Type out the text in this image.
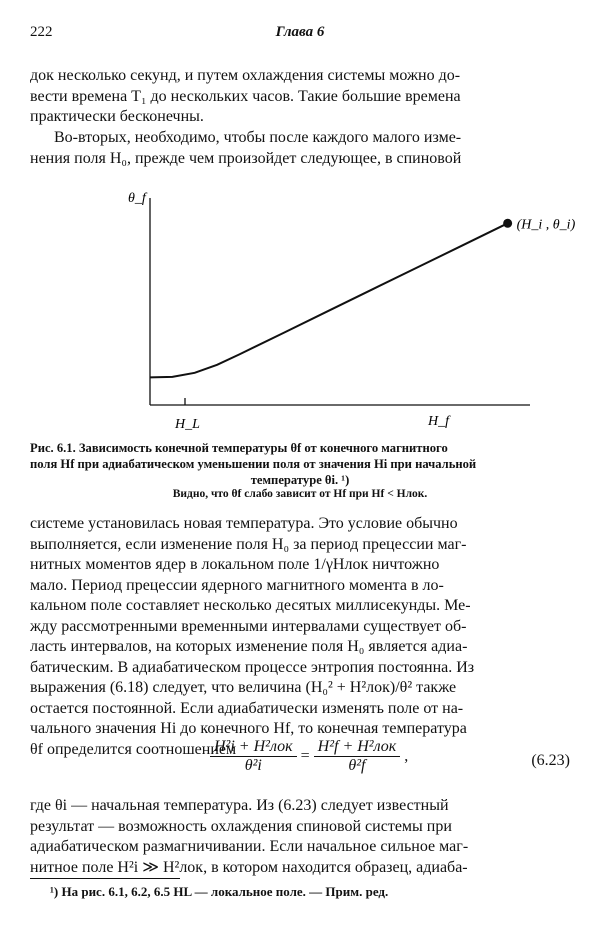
222	Глава 6

док несколько секунд, и путем охлаждения системы можно до-
вести времена T₁ до нескольких часов. Такие большие времена
практически бесконечны.

Во-вторых, необходимо, чтобы после каждого малого изме-
нения поля H₀, прежде чем произойдет следующее, в спиновой

θ_f
H_f
H_L
(H_i , θ_i)
Рис. 6.1. Зависимость конечной температуры θf от конечного магнитного
поля Hf при адиабатическом уменьшении поля от значения Hi при начальной
температуре θi. ¹)
Видно, что θf слабо зависит от Hf при Hf < Hлок.

системе установилась новая температура. Это условие обычно
выполняется, если изменение поля H₀ за период прецессии маг-
нитных моментов ядер в локальном поле 1/γHлок ничтожно
мало. Период прецессии ядерного магнитного момента в ло-
кальном поле составляет несколько десятых миллисекунды. Ме-
жду рассмотренными временными интервалами существует об-
ласть интервалов, на которых изменение поля H₀ является адиа-
батическим. В адиабатическом процессе энтропия постоянна. Из
выражения (6.18) следует, что величина (H₀² + H²лок)/θ² также
остается постоянной. Если адиабатически изменять поле от на-
чального значения Hi до конечного Hf, то конечная температура
θf определится соотношением

$\frac{\text{H²i + H²лок}}{\text{θ²i}} = \frac{\text{H²f + H²лок}}{\text{θ²f}}$ ,	(6.23)

где θi — начальная температура. Из (6.23) следует известный
результат — возможность охлаждения спиновой системы при
адиабатическом размагничивании. Если начальное сильное маг-
нитное поле H²i ≫ H²лок, в котором находится образец, адиаба-

¹) На рис. 6.1, 6.2, 6.5 HL — локальное поле. — Прим. ред.
